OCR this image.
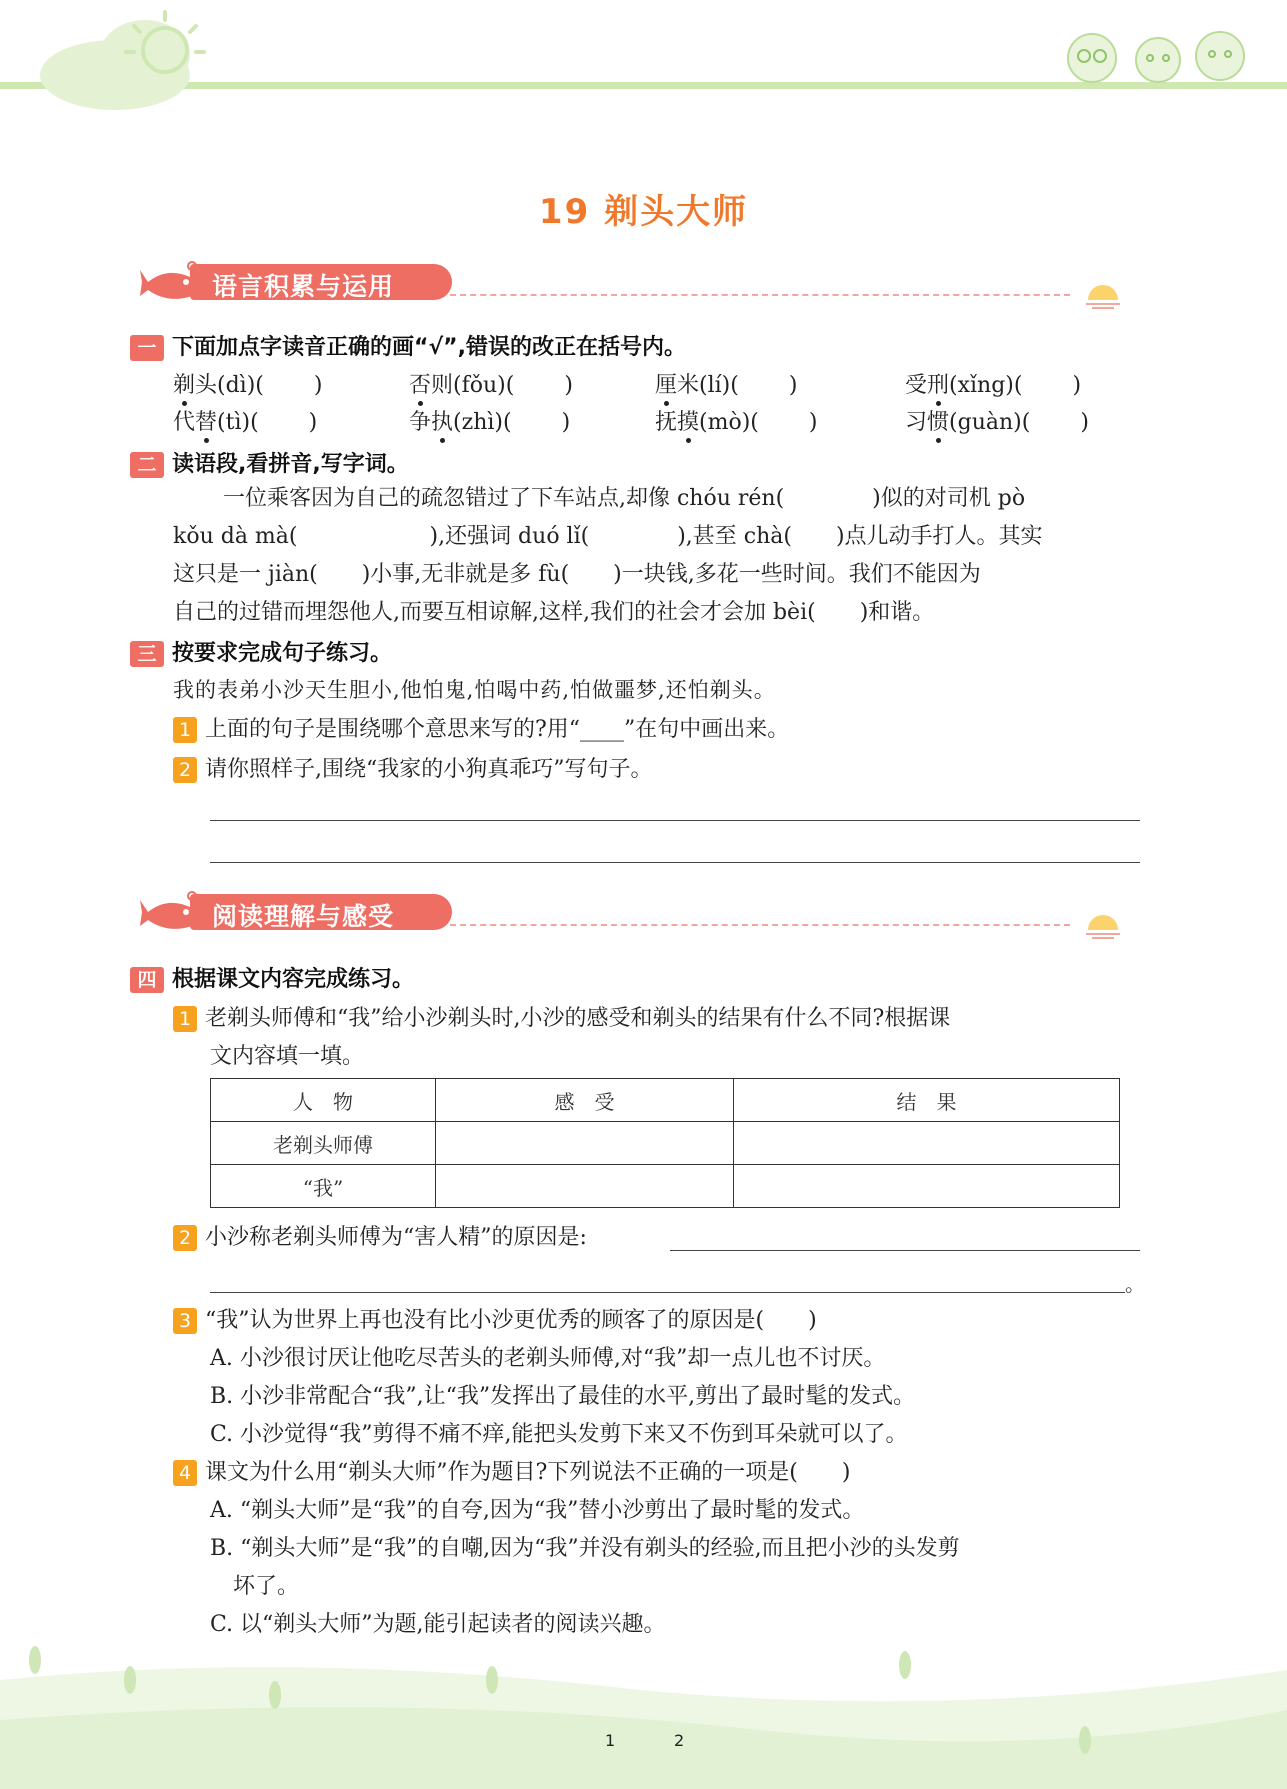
19 剃头大师
语言积累与运用
一 下面加点字读音正确的画“√”,错误的改正在括号内。
剃头(dì)( )	否则(fǒu)( )	厘米(lí)( )	受刑(xǐng)( )
代替(tì)( )	争执(zhì)( )	抚摸(mò)( )	习惯(guàn)( )
二 读语段,看拼音,写字词。
一位乘客因为自己的疏忽错过了下车站点,却像 chóu rén(　　　　)似的对司机 pò
kǒu dà mà(　　　　　　),还强词 duó lǐ(　　　　),甚至 chà(　　)点儿动手打人。其实
这只是一 jiàn(　　)小事,无非就是多 fù(　　)一块钱,多花一些时间。我们不能因为
自己的过错而埋怨他人,而要互相谅解,这样,我们的社会才会加 bèi(　　)和谐。
三 按要求完成句子练习。
我的表弟小沙天生胆小,他怕鬼,怕喝中药,怕做噩梦,还怕剃头。
1 上面的句子是围绕哪个意思来写的?用“____”在句中画出来。
2 请你照样子,围绕“我家的小狗真乖巧”写句子。
阅读理解与感受
四 根据课文内容完成练习。
1 老剃头师傅和“我”给小沙剃头时,小沙的感受和剃头的结果有什么不同?根据课
文内容填一填。
人　物	感　受	结　果
老剃头师傅		
“我”		
2 小沙称老剃头师傅为“害人精”的原因是:
。
3 “我”认为世界上再也没有比小沙更优秀的顾客了的原因是(　　)
A. 小沙很讨厌让他吃尽苦头的老剃头师傅,对“我”却一点儿也不讨厌。
B. 小沙非常配合“我”,让“我”发挥出了最佳的水平,剪出了最时髦的发式。
C. 小沙觉得“我”剪得不痛不痒,能把头发剪下来又不伤到耳朵就可以了。
4 课文为什么用“剃头大师”作为题目?下列说法不正确的一项是(　　)
A. “剃头大师”是“我”的自夸,因为“我”替小沙剪出了最时髦的发式。
B. “剃头大师”是“我”的自嘲,因为“我”并没有剃头的经验,而且把小沙的头发剪
坏了。
C. 以“剃头大师”为题,能引起读者的阅读兴趣。
1	2
